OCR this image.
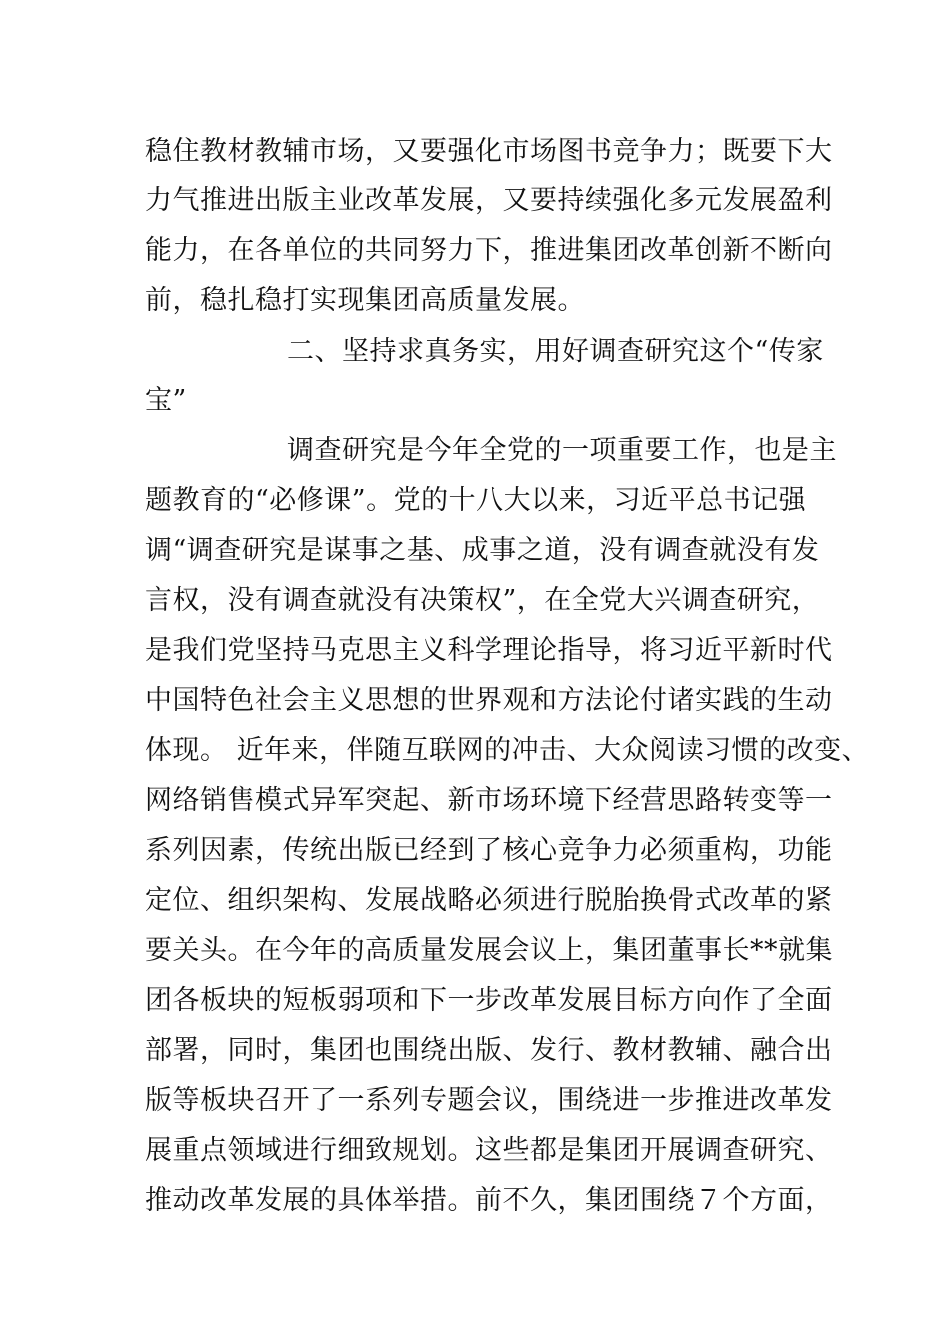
稳住教材教辅市场，又要强化市场图书竞争力；既要下大
力气推进出版主业改革发展，又要持续强化多元发展盈利
能力，在各单位的共同努力下，推进集团改革创新不断向
前，稳扎稳打实现集团高质量发展。
二、坚持求真务实，用好调查研究这个“传家
宝”
调查研究是今年全党的一项重要工作，也是主
题教育的“必修课”。党的十八大以来，习近平总书记强
调“调查研究是谋事之基、成事之道，没有调查就没有发
言权，没有调查就没有决策权”，在全党大兴调查研究，
是我们党坚持马克思主义科学理论指导，将习近平新时代
中国特色社会主义思想的世界观和方法论付诸实践的生动
体现。 近年来，伴随互联网的冲击、大众阅读习惯的改变、
网络销售模式异军突起、新市场环境下经营思路转变等一
系列因素，传统出版已经到了核心竞争力必须重构，功能
定位、组织架构、发展战略必须进行脱胎换骨式改革的紧
要关头。在今年的高质量发展会议上，集团董事长**就集
团各板块的短板弱项和下一步改革发展目标方向作了全面
部署，同时，集团也围绕出版、发行、教材教辅、融合出
版等板块召开了一系列专题会议，围绕进一步推进改革发
展重点领域进行细致规划。这些都是集团开展调查研究、
推动改革发展的具体举措。前不久，集团围绕７个方面，
